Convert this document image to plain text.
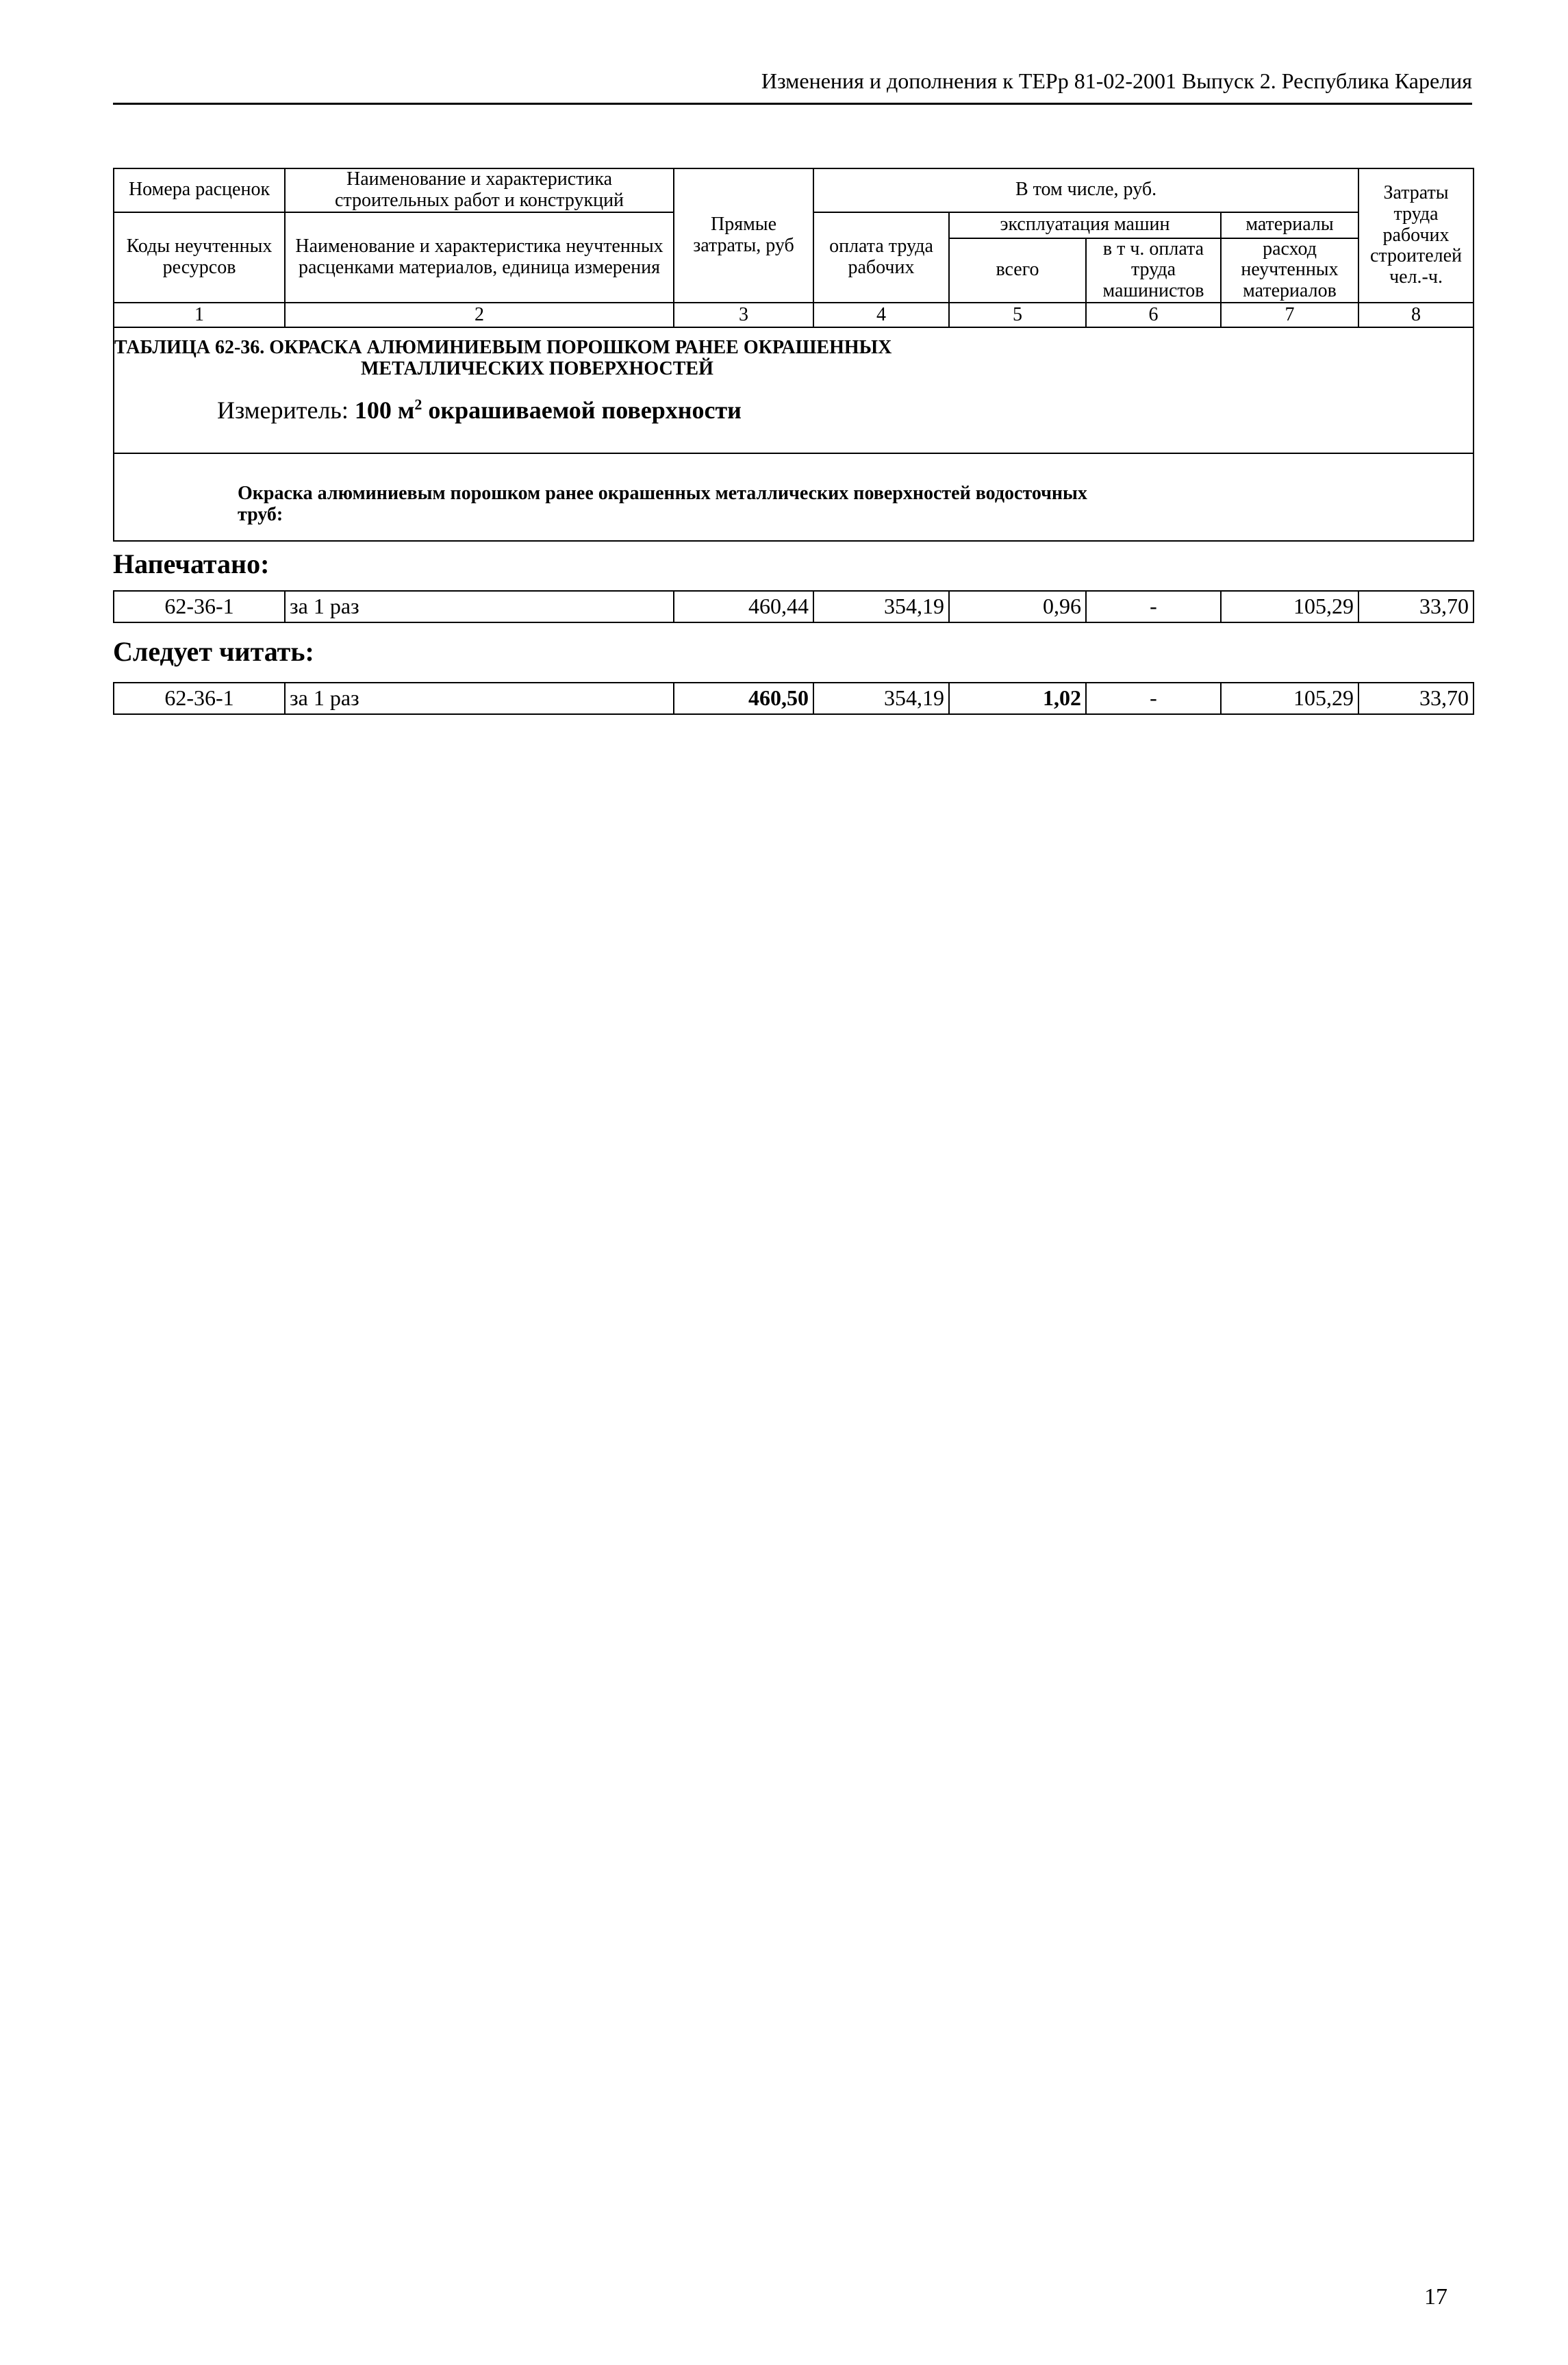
Изменения и дополнения к ТЕРр 81-02-2001 Выпуск 2. Республика Карелия
Номера расценок	Наименование и характеристика строительных работ и конструкций	Прямые затраты, руб	В том числе, руб.				Затраты труда рабочих строителей чел.-ч.
Коды неучтенных ресурсов	Наименование и характеристика неучтенных расценками материалов, единица измерения		оплата труда рабочих	эксплуатация машин		материалы	
				всего	в т ч. оплата труда машинистов	расход неучтенных материалов	
1	2	3	4	5	6	7	8

ТАБЛИЦА 62-36. ОКРАСКА АЛЮМИНИЕВЫМ ПОРОШКОМ РАНЕЕ ОКРАШЕННЫХ
МЕТАЛЛИЧЕСКИХ ПОВЕРХНОСТЕЙ
Измеритель: 100 $м^2$ окрашиваемой поверхности							

Окраска алюминиевым порошком ранее окрашенных металлических поверхностей водосточных
труб:							
Напечатано:
62-36-1	за 1 раз	460,44	354,19	0,96	-	105,29	33,70
Следует читать:
62-36-1	за 1 раз	460,50	354,19	1,02	-	105,29	33,70
17
